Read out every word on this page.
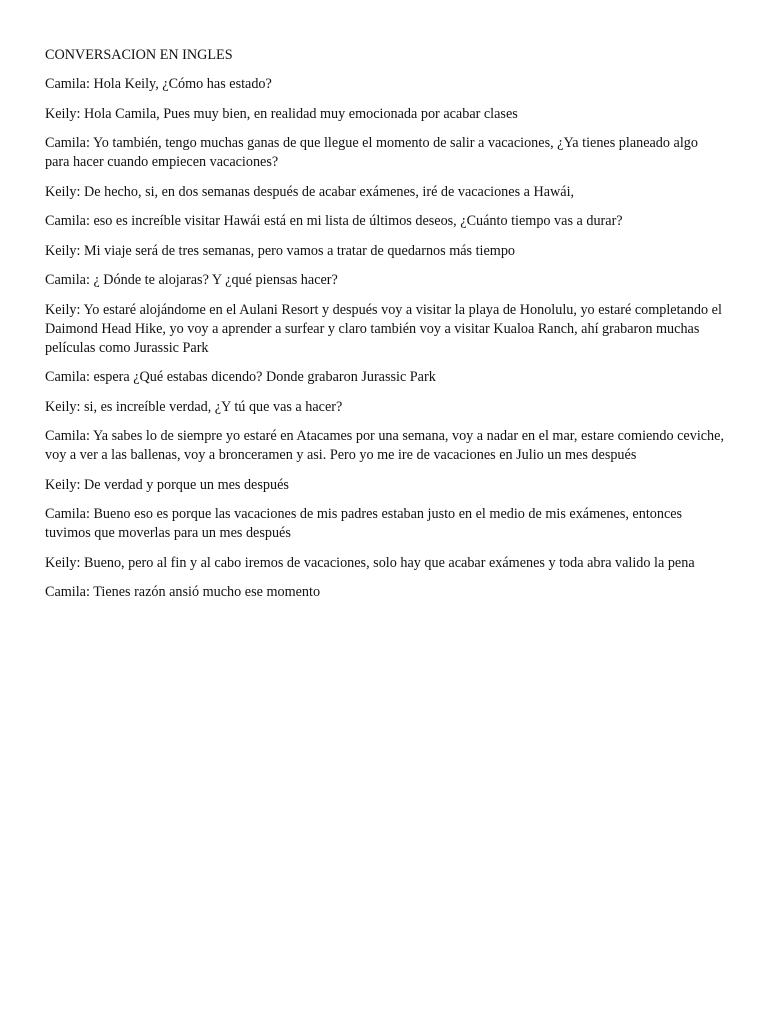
CONVERSACION EN INGLES
Camila: Hola Keily, ¿Cómo has estado?
Keily: Hola Camila, Pues muy bien, en realidad muy emocionada por acabar clases
Camila: Yo también, tengo muchas ganas de que llegue el momento de salir a vacaciones, ¿Ya tienes planeado algo para hacer cuando empiecen vacaciones?
Keily: De hecho, si, en dos semanas después de acabar exámenes, iré de vacaciones a Hawái,
Camila: eso es increíble visitar Hawái está en mi lista de últimos deseos, ¿Cuánto tiempo vas a durar?
Keily: Mi viaje será de tres semanas, pero vamos a tratar de quedarnos más tiempo
Camila: ¿ Dónde te alojaras? Y ¿qué piensas hacer?
Keily: Yo estaré alojándome en el Aulani Resort y después voy a visitar la playa de Honolulu, yo estaré completando el Daimond Head Hike, yo voy a aprender a surfear y claro también voy a visitar Kualoa Ranch, ahí grabaron muchas películas como Jurassic Park
Camila: espera ¿Qué estabas dicendo? Donde grabaron Jurassic Park
Keily: si, es increíble verdad, ¿Y tú que vas a hacer?
Camila: Ya sabes lo de siempre yo estaré en Atacames por una semana, voy a nadar en el mar, estare comiendo ceviche, voy a ver a las ballenas, voy a bronceramen y asi. Pero yo me ire de vacaciones en Julio un mes después
Keily: De verdad y porque un mes después
Camila: Bueno eso es porque las vacaciones de mis padres estaban justo en el medio de mis exámenes, entonces tuvimos que moverlas para un mes después
Keily: Bueno, pero al fin y al cabo iremos de vacaciones, solo hay que acabar exámenes y toda abra valido la pena
Camila: Tienes razón ansió mucho ese momento
